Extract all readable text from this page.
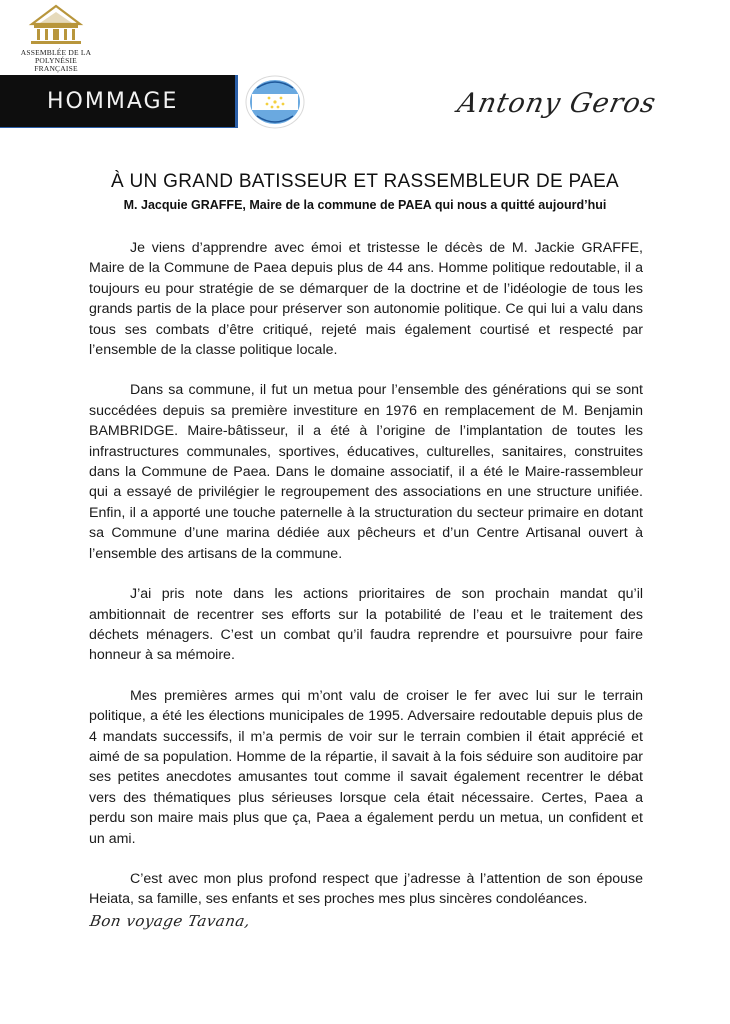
ASSEMBLÉE DE LA
POLYNÉSIE FRANÇAISE
HOMMAGE	Antony Geros
À UN GRAND BATISSEUR ET RASSEMBLEUR DE PAEA
M. Jacquie GRAFFE, Maire de la commune de PAEA qui nous a quitté aujourd’hui

Je viens d’apprendre avec émoi et tristesse le décès de M. Jackie GRAFFE, Maire de la Commune de Paea depuis plus de 44 ans. Homme politique redoutable, il a toujours eu pour stratégie de se démarquer de la doctrine et de l’idéologie de tous les grands partis de la place pour préserver son autonomie politique. Ce qui lui a valu dans tous ses combats d’être critiqué, rejeté mais également courtisé et respecté par l’ensemble de la classe politique locale.

Dans sa commune, il fut un metua pour l’ensemble des générations qui se sont succédées depuis sa première investiture en 1976 en remplacement de M. Benjamin BAMBRIDGE. Maire-bâtisseur, il a été à l’origine de l’implantation de toutes les infrastructures communales, sportives, éducatives, culturelles, sanitaires, construites dans la Commune de Paea. Dans le domaine associatif, il a été le Maire-rassembleur qui a essayé de privilégier le regroupement des associations en une structure unifiée. Enfin, il a apporté une touche paternelle à la structuration du secteur primaire en dotant sa Commune d’une marina dédiée aux pêcheurs et d’un Centre Artisanal ouvert à l’ensemble des artisans de la commune.

J’ai pris note dans les actions prioritaires de son prochain mandat qu’il ambitionnait de recentrer ses efforts sur la potabilité de l’eau et le traitement des déchets ménagers. C’est un combat qu’il faudra reprendre et poursuivre pour faire honneur à sa mémoire.

Mes premières armes qui m’ont valu de croiser le fer avec lui sur le terrain politique, a été les élections municipales de 1995. Adversaire redoutable depuis plus de 4 mandats successifs, il m’a permis de voir sur le terrain combien il était apprécié et aimé de sa population. Homme de la répartie, il savait à la fois séduire son auditoire par ses petites anecdotes amusantes tout comme il savait également recentrer le débat vers des thématiques plus sérieuses lorsque cela était nécessaire. Certes, Paea a perdu son maire mais plus que ça, Paea a également perdu un metua, un confident et un ami.

C’est avec mon plus profond respect que j’adresse à l’attention de son épouse Heiata, sa famille, ses enfants et ses proches mes plus sincères condoléances.

Bon voyage Tavana,
